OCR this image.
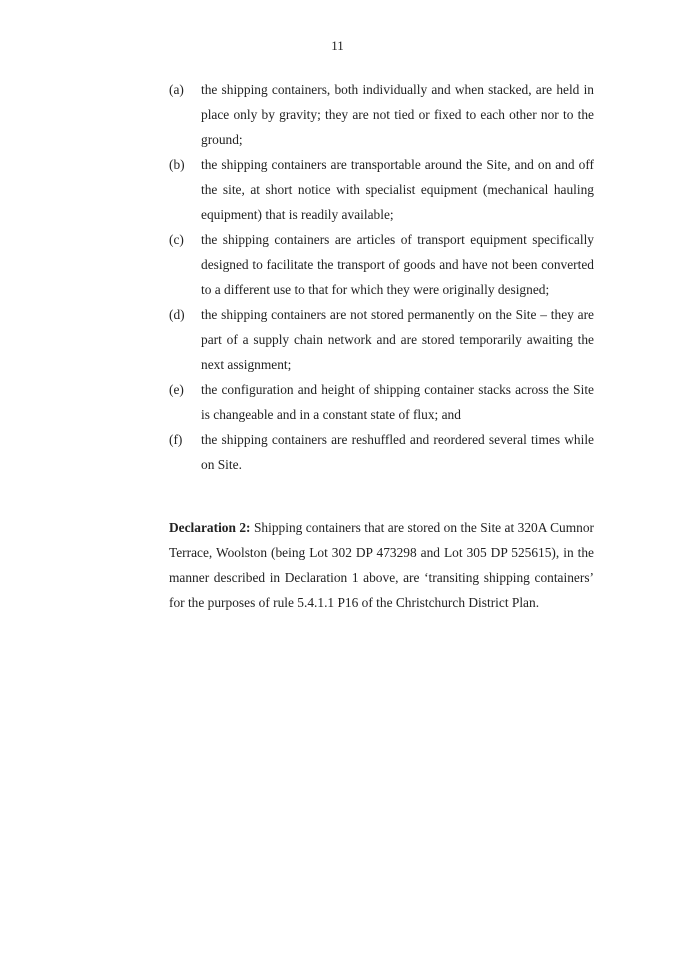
11
(a)	the shipping containers, both individually and when stacked, are held in place only by gravity; they are not tied or fixed to each other nor to the ground;
(b)	the shipping containers are transportable around the Site, and on and off the site, at short notice with specialist equipment (mechanical hauling equipment) that is readily available;
(c)	the shipping containers are articles of transport equipment specifically designed to facilitate the transport of goods and have not been converted to a different use to that for which they were originally designed;
(d)	the shipping containers are not stored permanently on the Site – they are part of a supply chain network and are stored temporarily awaiting the next assignment;
(e)	the configuration and height of shipping container stacks across the Site is changeable and in a constant state of flux; and
(f)	the shipping containers are reshuffled and reordered several times while on Site.

Declaration 2: Shipping containers that are stored on the Site at 320A Cumnor Terrace, Woolston (being Lot 302 DP 473298 and Lot 305 DP 525615), in the manner described in Declaration 1 above, are ‘transiting shipping containers’ for the purposes of rule 5.4.1.1 P16 of the Christchurch District Plan.
